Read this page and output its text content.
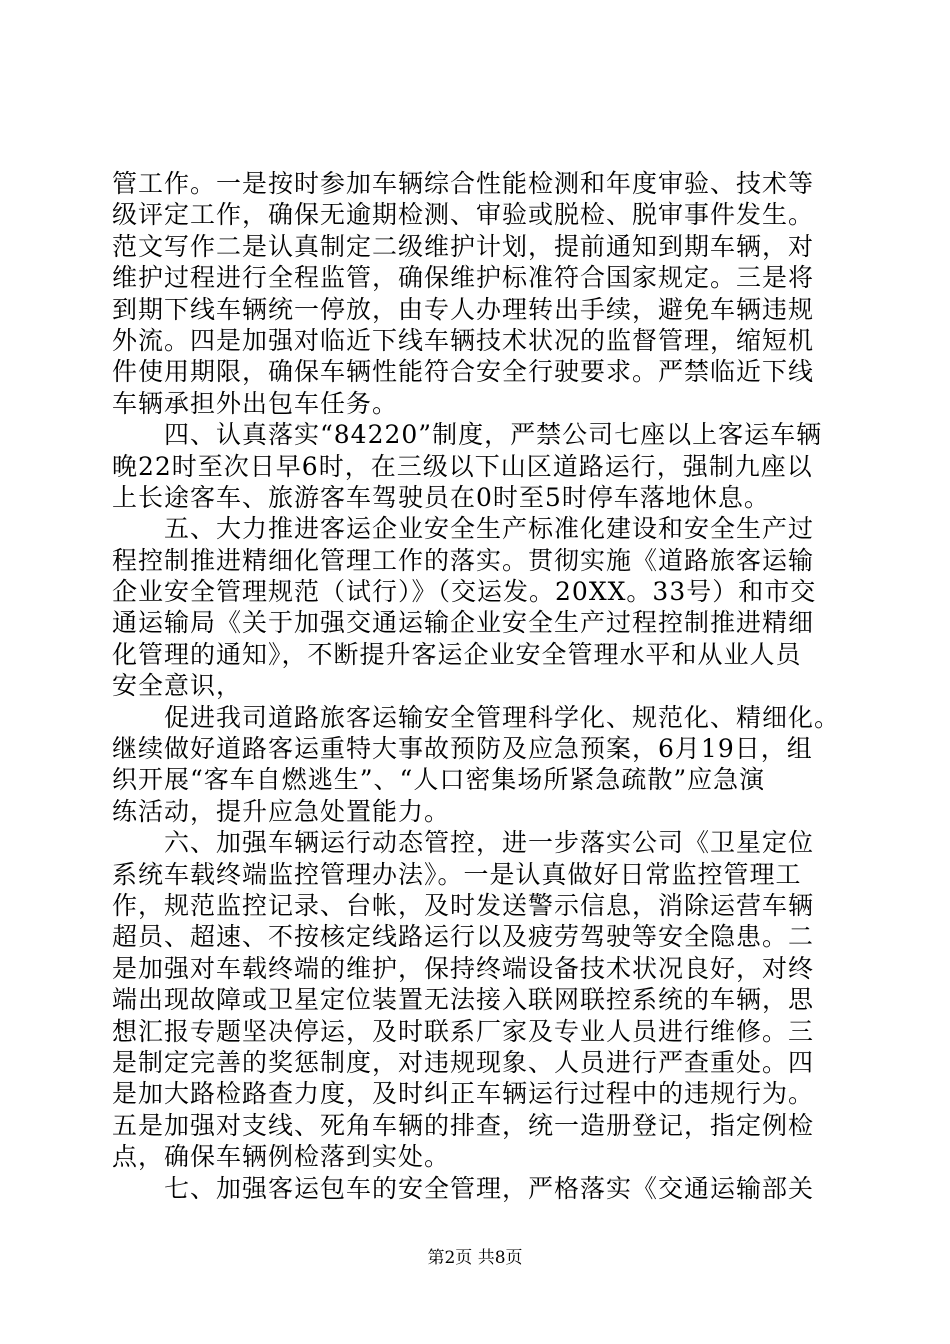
管工作。一是按时参加车辆综合性能检测和年度审验、技术等
级评定工作，确保无逾期检测、审验或脱检、脱审事件发生。
范文写作二是认真制定二级维护计划，提前通知到期车辆，对
维护过程进行全程监管，确保维护标准符合国家规定。三是将
到期下线车辆统一停放，由专人办理转出手续，避免车辆违规
外流。四是加强对临近下线车辆技术状况的监督管理，缩短机
件使用期限，确保车辆性能符合安全行驶要求。严禁临近下线
车辆承担外出包车任务。
　　四、认真落实“84220”制度，严禁公司七座以上客运车辆
晚22时至次日早6时，在三级以下山区道路运行，强制九座以
上长途客车、旅游客车驾驶员在0时至5时停车落地休息。
　　五、大力推进客运企业安全生产标准化建设和安全生产过
程控制推进精细化管理工作的落实。贯彻实施《道路旅客运输
企业安全管理规范（试行）》（交运发。20XX。33号）和市交
通运输局《关于加强交通运输企业安全生产过程控制推进精细
化管理的通知》，不断提升客运企业安全管理水平和从业人员
安全意识，
　　促进我司道路旅客运输安全管理科学化、规范化、精细化。
继续做好道路客运重特大事故预防及应急预案，6月19日，组
织开展“客车自燃逃生”、“人口密集场所紧急疏散”应急演
练活动，提升应急处置能力。
　　六、加强车辆运行动态管控，进一步落实公司《卫星定位
系统车载终端监控管理办法》。一是认真做好日常监控管理工
作，规范监控记录、台帐，及时发送警示信息，消除运营车辆
超员、超速、不按核定线路运行以及疲劳驾驶等安全隐患。二
是加强对车载终端的维护，保持终端设备技术状况良好，对终
端出现故障或卫星定位装置无法接入联网联控系统的车辆，思
想汇报专题坚决停运，及时联系厂家及专业人员进行维修。三
是制定完善的奖惩制度，对违规现象、人员进行严查重处。四
是加大路检路查力度，及时纠正车辆运行过程中的违规行为。
五是加强对支线、死角车辆的排查，统一造册登记，指定例检
点，确保车辆例检落到实处。
　　七、加强客运包车的安全管理，严格落实《交通运输部关
第2页 共8页
